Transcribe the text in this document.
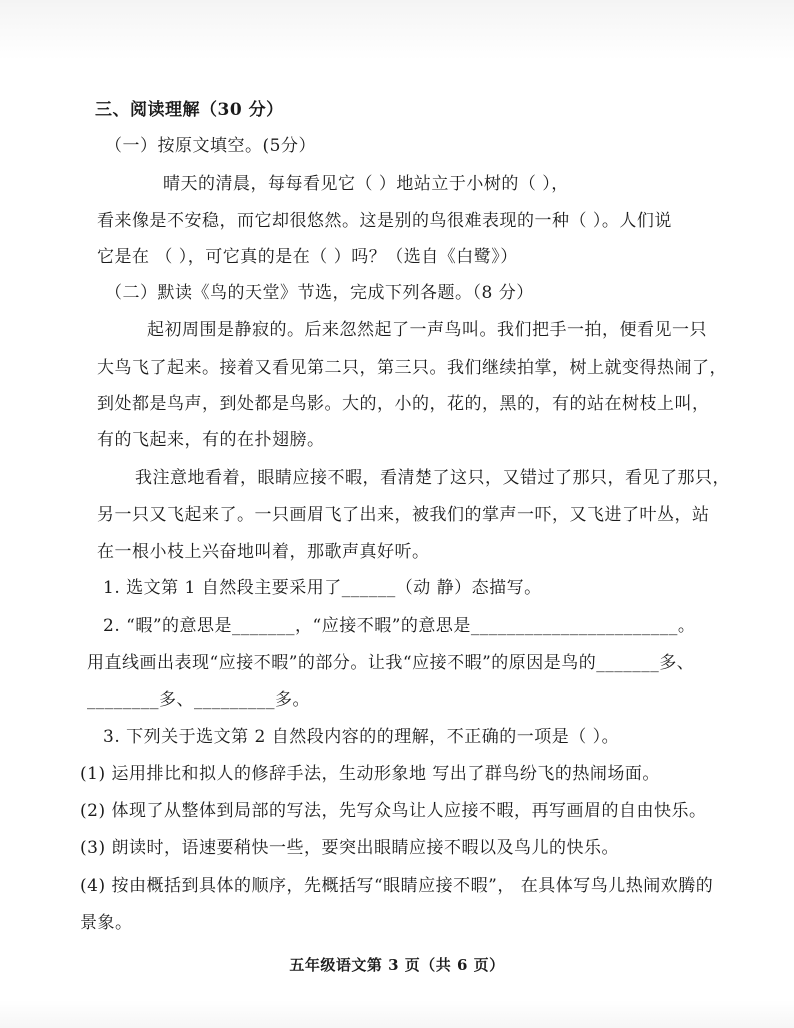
三、阅读理解（30 分）
（一）按原文填空。(5分）
晴天的清晨，每每看见它（ ）地站立于小树的（ ），
看来像是不安稳，而它却很悠然。这是别的鸟很难表现的一种（ ）。人们说
它是在 （ ），可它真的是在（ ）吗？（选自《白鹭》）
（二）默读《鸟的天堂》节选，完成下列各题。（8 分）
起初周围是静寂的。后来忽然起了一声鸟叫。我们把手一拍，便看见一只
大鸟飞了起来。接着又看见第二只，第三只。我们继续拍掌，树上就变得热闹了，
到处都是鸟声，到处都是鸟影。大的，小的，花的，黑的，有的站在树枝上叫，
有的飞起来，有的在扑翅膀。
我注意地看着，眼睛应接不暇，看清楚了这只，又错过了那只，看见了那只，
另一只又飞起来了。一只画眉飞了出来，被我们的掌声一吓，又飞进了叶丛，站
在一根小枝上兴奋地叫着，那歌声真好听。
1. 选文第 1 自然段主要采用了______（动 静）态描写。
2. “暇”的意思是_______，“应接不暇”的意思是_______________________。
用直线画出表现“应接不暇”的部分。让我“应接不暇”的原因是鸟的_______多、
________多、_________多。
3. 下列关于选文第 2 自然段内容的的理解，不正确的一项是（ ）。
(1) 运用排比和拟人的修辞手法，生动形象地 写出了群鸟纷飞的热闹场面。
(2) 体现了从整体到局部的写法，先写众鸟让人应接不暇，再写画眉的自由快乐。
(3) 朗读时，语速要稍快一些，要突出眼睛应接不暇以及鸟儿的快乐。
(4) 按由概括到具体的顺序，先概括写“眼睛应接不暇”， 在具体写鸟儿热闹欢腾的
景象。
五年级语文第 3 页（共 6 页）
